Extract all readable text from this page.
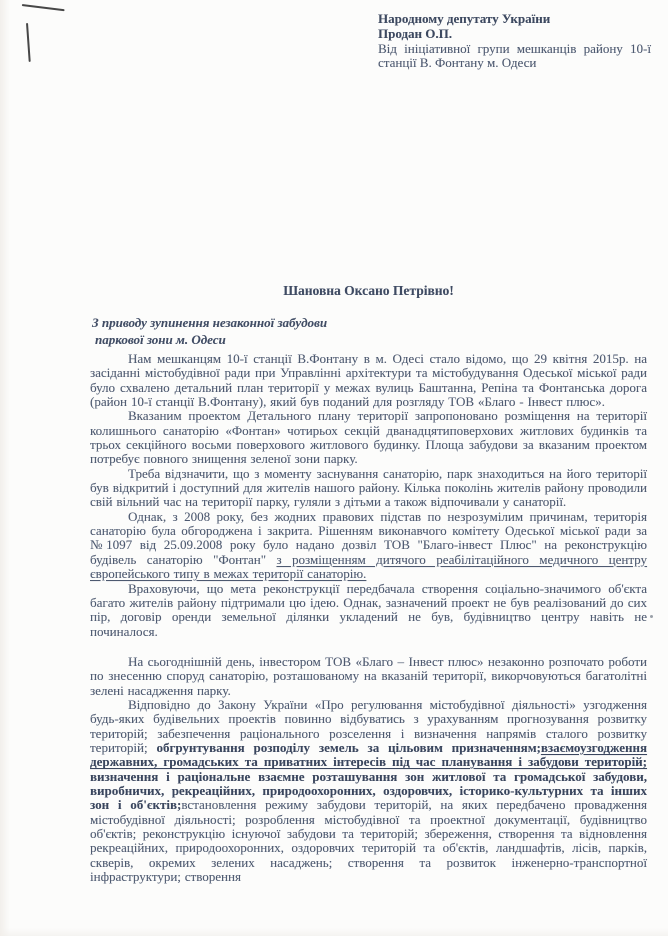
Народному депутату України
Продан О.П.
Від ініціативної групи мешканців району 10-ї станції В. Фонтану м. Одеси
Шановна Оксано Петрівно!
З приводу зупинення незаконної забудови
паркової зони м. Одеси

Нам мешканцям 10-ї станції В.Фонтану в м. Одесі стало відомо, що 29 квітня 2015р. на засіданні містобудівної ради при Управлінні архітектури та містобудування Одеської міської ради було схвалено детальний план території у межах вулиць Баштанна, Репіна та Фонтанська дорога (район 10-ї станції В.Фонтану), який був поданий для розгляду ТОВ «Благо - Інвест плюс».

Вказаним проектом Детального плану території запропоновано розміщення на території колишнього санаторію «Фонтан» чотирьох секцій дванадцятиповерхових житлових будинків та трьох секційного восьми поверхового житлового будинку. Площа забудови за вказаним проектом потребує повного знищення зеленої зони парку.

Треба відзначити, що з моменту заснування санаторію, парк знаходиться на його території був відкритий і доступний для жителів нашого району. Кілька поколінь жителів району проводили свій вільний час на території парку, гуляли з дітьми а також відпочивали у санаторії.

Однак, з 2008 року, без жодних правових підстав по незрозумілим причинам, територія санаторію була обгороджена і закрита. Рішенням виконавчого комітету Одеської міської ради за №1097 від 25.09.2008 року було надано дозвіл ТОВ "Благо-інвест Плюс" на реконструкцію будівель санаторію "Фонтан" з розміщенням дитячого реабілітаційного медичного центру європейського типу в межах території санаторію.

Враховуючи, що мета реконструкції передбачала створення соціально-значимого об'єкта багато жителів району підтримали цю ідею. Однак, зазначений проект не був реалізований до сих пір, договір оренди земельної ділянки укладений не був, будівництво центру навіть не починалося.

На сьогоднішній день, інвестором ТОВ «Благо – Інвест плюс» незаконно розпочато роботи по знесенню споруд санаторію, розташованому на вказаній території, викорчовуються багатолітні зелені насадження парку.

Відповідно до Закону України «Про регулювання містобудівної діяльності» узгодження будь-яких будівельних проектів повинно відбуватись з урахуванням прогнозування розвитку територій; забезпечення раціонального розселення і визначення напрямів сталого розвитку територій; обгрунтування розподілу земель за цільовим призначенням;взаємоузгодження державних, громадських та приватних інтересів під час планування і забудови територій; визначення і раціональне взаємне розташування зон житлової та громадської забудови, виробничих, рекреаційних, природоохоронних, оздоровчих, історико-культурних та інших зон і об'єктів;встановлення режиму забудови територій, на яких передбачено провадження містобудівної діяльності; розроблення містобудівної та проектної документації, будівництво об'єктів; реконструкцію існуючої забудови та територій; збереження, створення та відновлення рекреаційних, природоохоронних, оздоровчих територій та об'єктів, ландшафтів, лісів, парків, скверів, окремих зелених насаджень; створення та розвиток інженерно-транспортної інфраструктури; створення
